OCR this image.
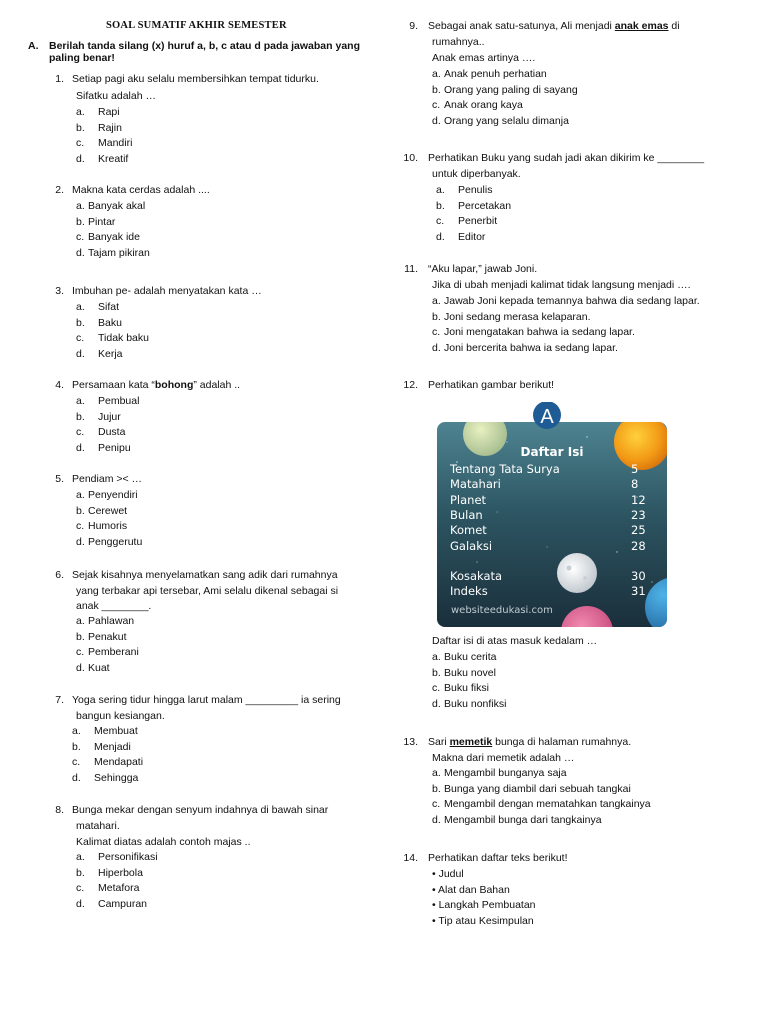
SOAL SUMATIF AKHIR SEMESTER
A. Berilah tanda silang (x) huruf a, b, c atau d pada jawaban yang paling benar!
1. Setiap pagi aku selalu membersihkan tempat tidurku.
Sifatku adalah …
2. Makna kata cerdas adalah ....
3. Imbuhan pe- adalah menyatakan kata …
4. Persamaan kata “bohong” adalah ..
5. Pendiam >< …
6. Sejak kisahnya menyelamatkan sang adik dari rumahnya
yang terbakar api tersebar, Ami selalu dikenal sebagai si
anak ________.
7. Yoga sering tidur hingga larut malam _________ ia sering
bangun kesiangan.
8. Bunga mekar dengan senyum indahnya di bawah sinar
matahari.
Kalimat diatas adalah contoh majas ..
9. Sebagai anak satu-satunya, Ali menjadi anak emas di
rumahnya..
Anak emas artinya ….
10. Perhatikan Buku yang sudah jadi akan dikirim ke ________
untuk diperbanyak.
11. “Aku lapar,” jawab Joni.
Jika di ubah menjadi kalimat tidak langsung menjadi ….
12. Perhatikan gambar berikut!
A
Daftar Isi
Tentang Tata Surya	5
Matahari	8
Planet	12
Bulan	23
Komet	25
Galaksi	28
Kosakata	30
Indeks	31
websiteedukasi.com
Daftar isi di atas masuk kedalam …
13. Sari memetik bunga di halaman rumahnya.
Makna dari memetik adalah …
14. Perhatikan daftar teks berikut!
a. Rapi
b. Rajin
c. Mandiri
d. Kreatif
a. Banyak akal
b. Pintar
c. Banyak ide
d. Tajam pikiran
a. Sifat
b. Baku
c. Tidak baku
d. Kerja
a. Pembual
b. Jujur
c. Dusta
d. Penipu
a. Penyendiri
b. Cerewet
c. Humoris
d. Penggerutu
a. Pahlawan
b. Penakut
c. Pemberani
d. Kuat
a. Membuat
b. Menjadi
c. Mendapati
d. Sehingga
a. Personifikasi
b. Hiperbola
c. Metafora
d. Campuran
a. Anak penuh perhatian
b. Orang yang paling di sayang
c. Anak orang kaya
d. Orang yang selalu dimanja
a. Penulis
b. Percetakan
c. Penerbit
d. Editor
a. Jawab Joni kepada temannya bahwa dia sedang lapar.
b. Joni sedang merasa kelaparan.
c. Joni mengatakan bahwa ia sedang lapar.
d. Joni bercerita bahwa ia sedang lapar.
a. Buku cerita
b. Buku novel
c. Buku fiksi
d. Buku nonfiksi
a. Mengambil bunganya saja
b. Bunga yang diambil dari sebuah tangkai
c. Mengambil dengan mematahkan tangkainya
d. Mengambil bunga dari tangkainya
• Judul
• Alat dan Bahan
• Langkah Pembuatan
• Tip atau Kesimpulan
